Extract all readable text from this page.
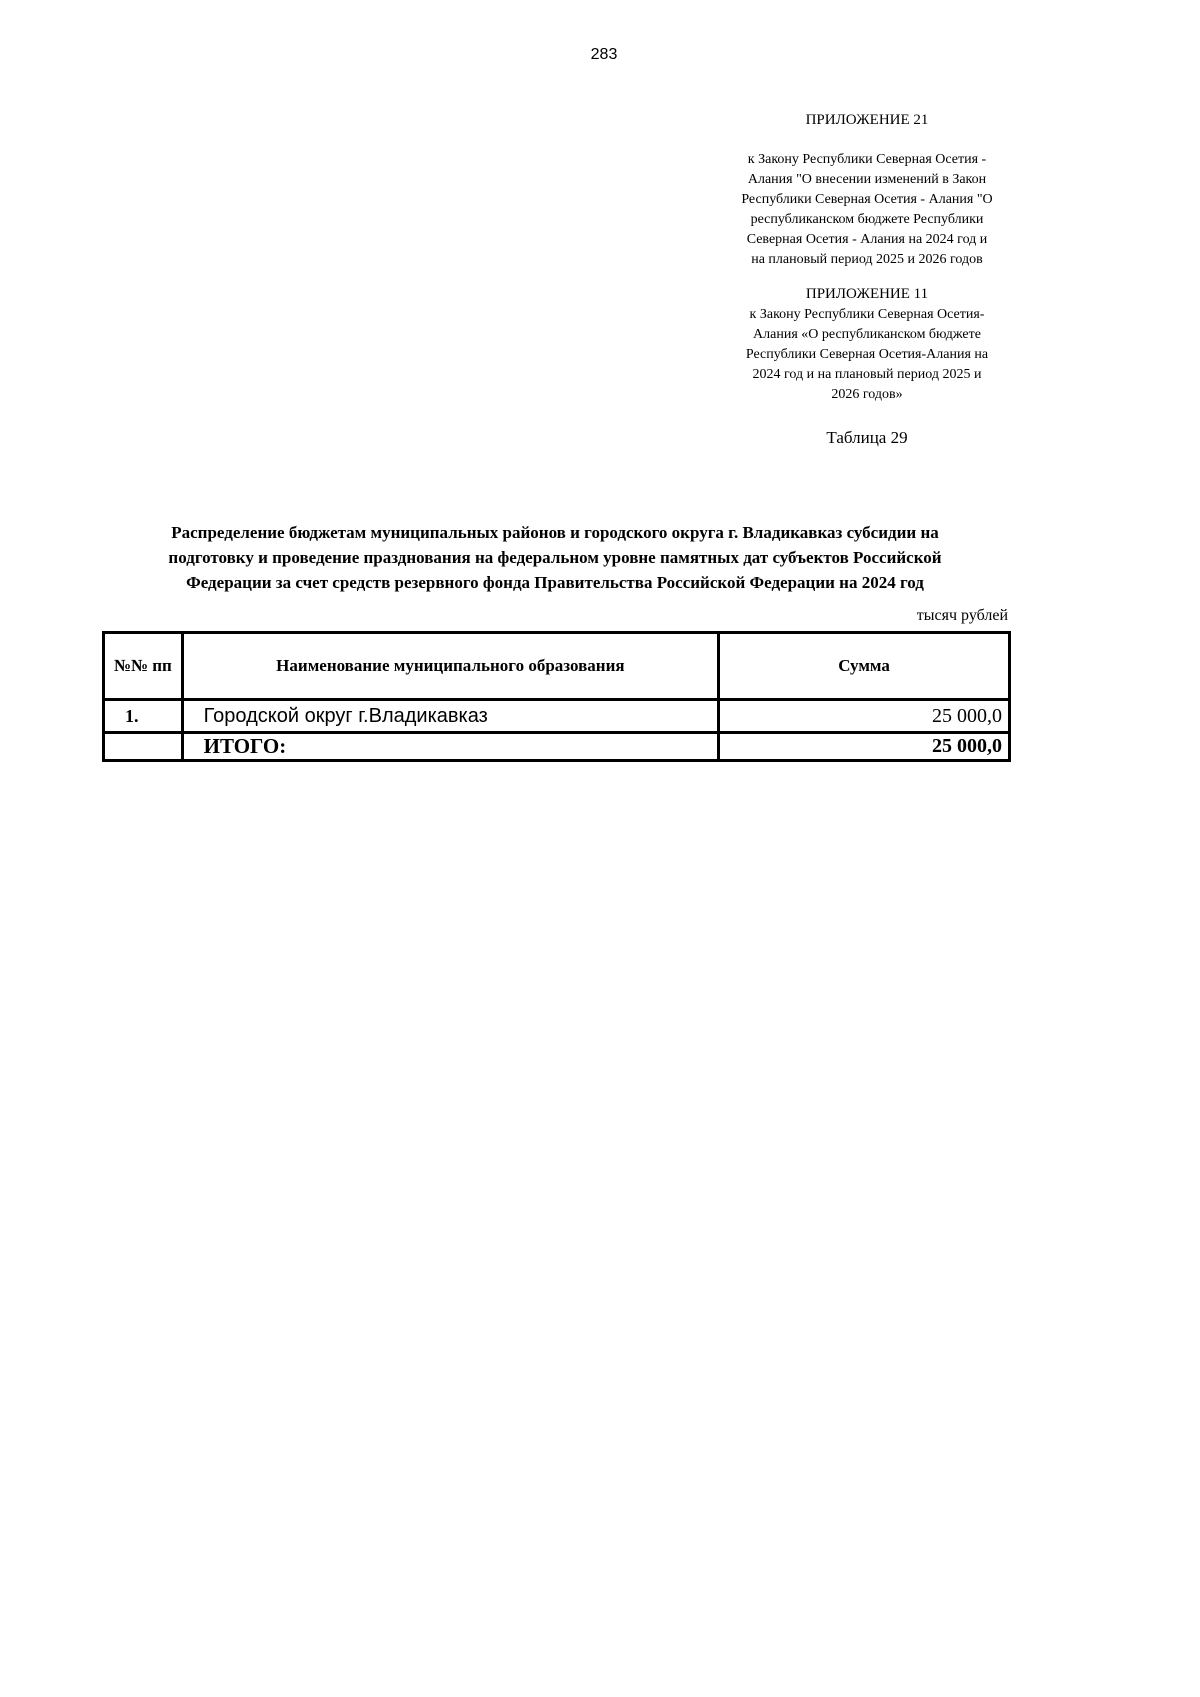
283
ПРИЛОЖЕНИЕ 21
к Закону Республики Северная Осетия -
Алания "О внесении изменений в Закон
Республики Северная Осетия - Алания "О
республиканском бюджете Республики
Северная Осетия - Алания на 2024 год и
на плановый период 2025 и 2026 годов
ПРИЛОЖЕНИЕ 11
к Закону Республики Северная Осетия-
Алания «О республиканском бюджете
Республики Северная Осетия-Алания на
2024 год и на плановый период 2025 и
2026 годов»
Таблица 29
Распределение бюджетам муниципальных районов и городского округа г. Владикавказ субсидии на
подготовку и проведение празднования на федеральном уровне памятных дат субъектов Российской
Федерации за счет средств резервного фонда Правительства Российской Федерации на 2024 год
тысяч рублей
№№ пп	Наименование муниципального образования	Сумма
1.	Городской округ г.Владикавказ	25 000,0
	ИТОГО:	25 000,0
